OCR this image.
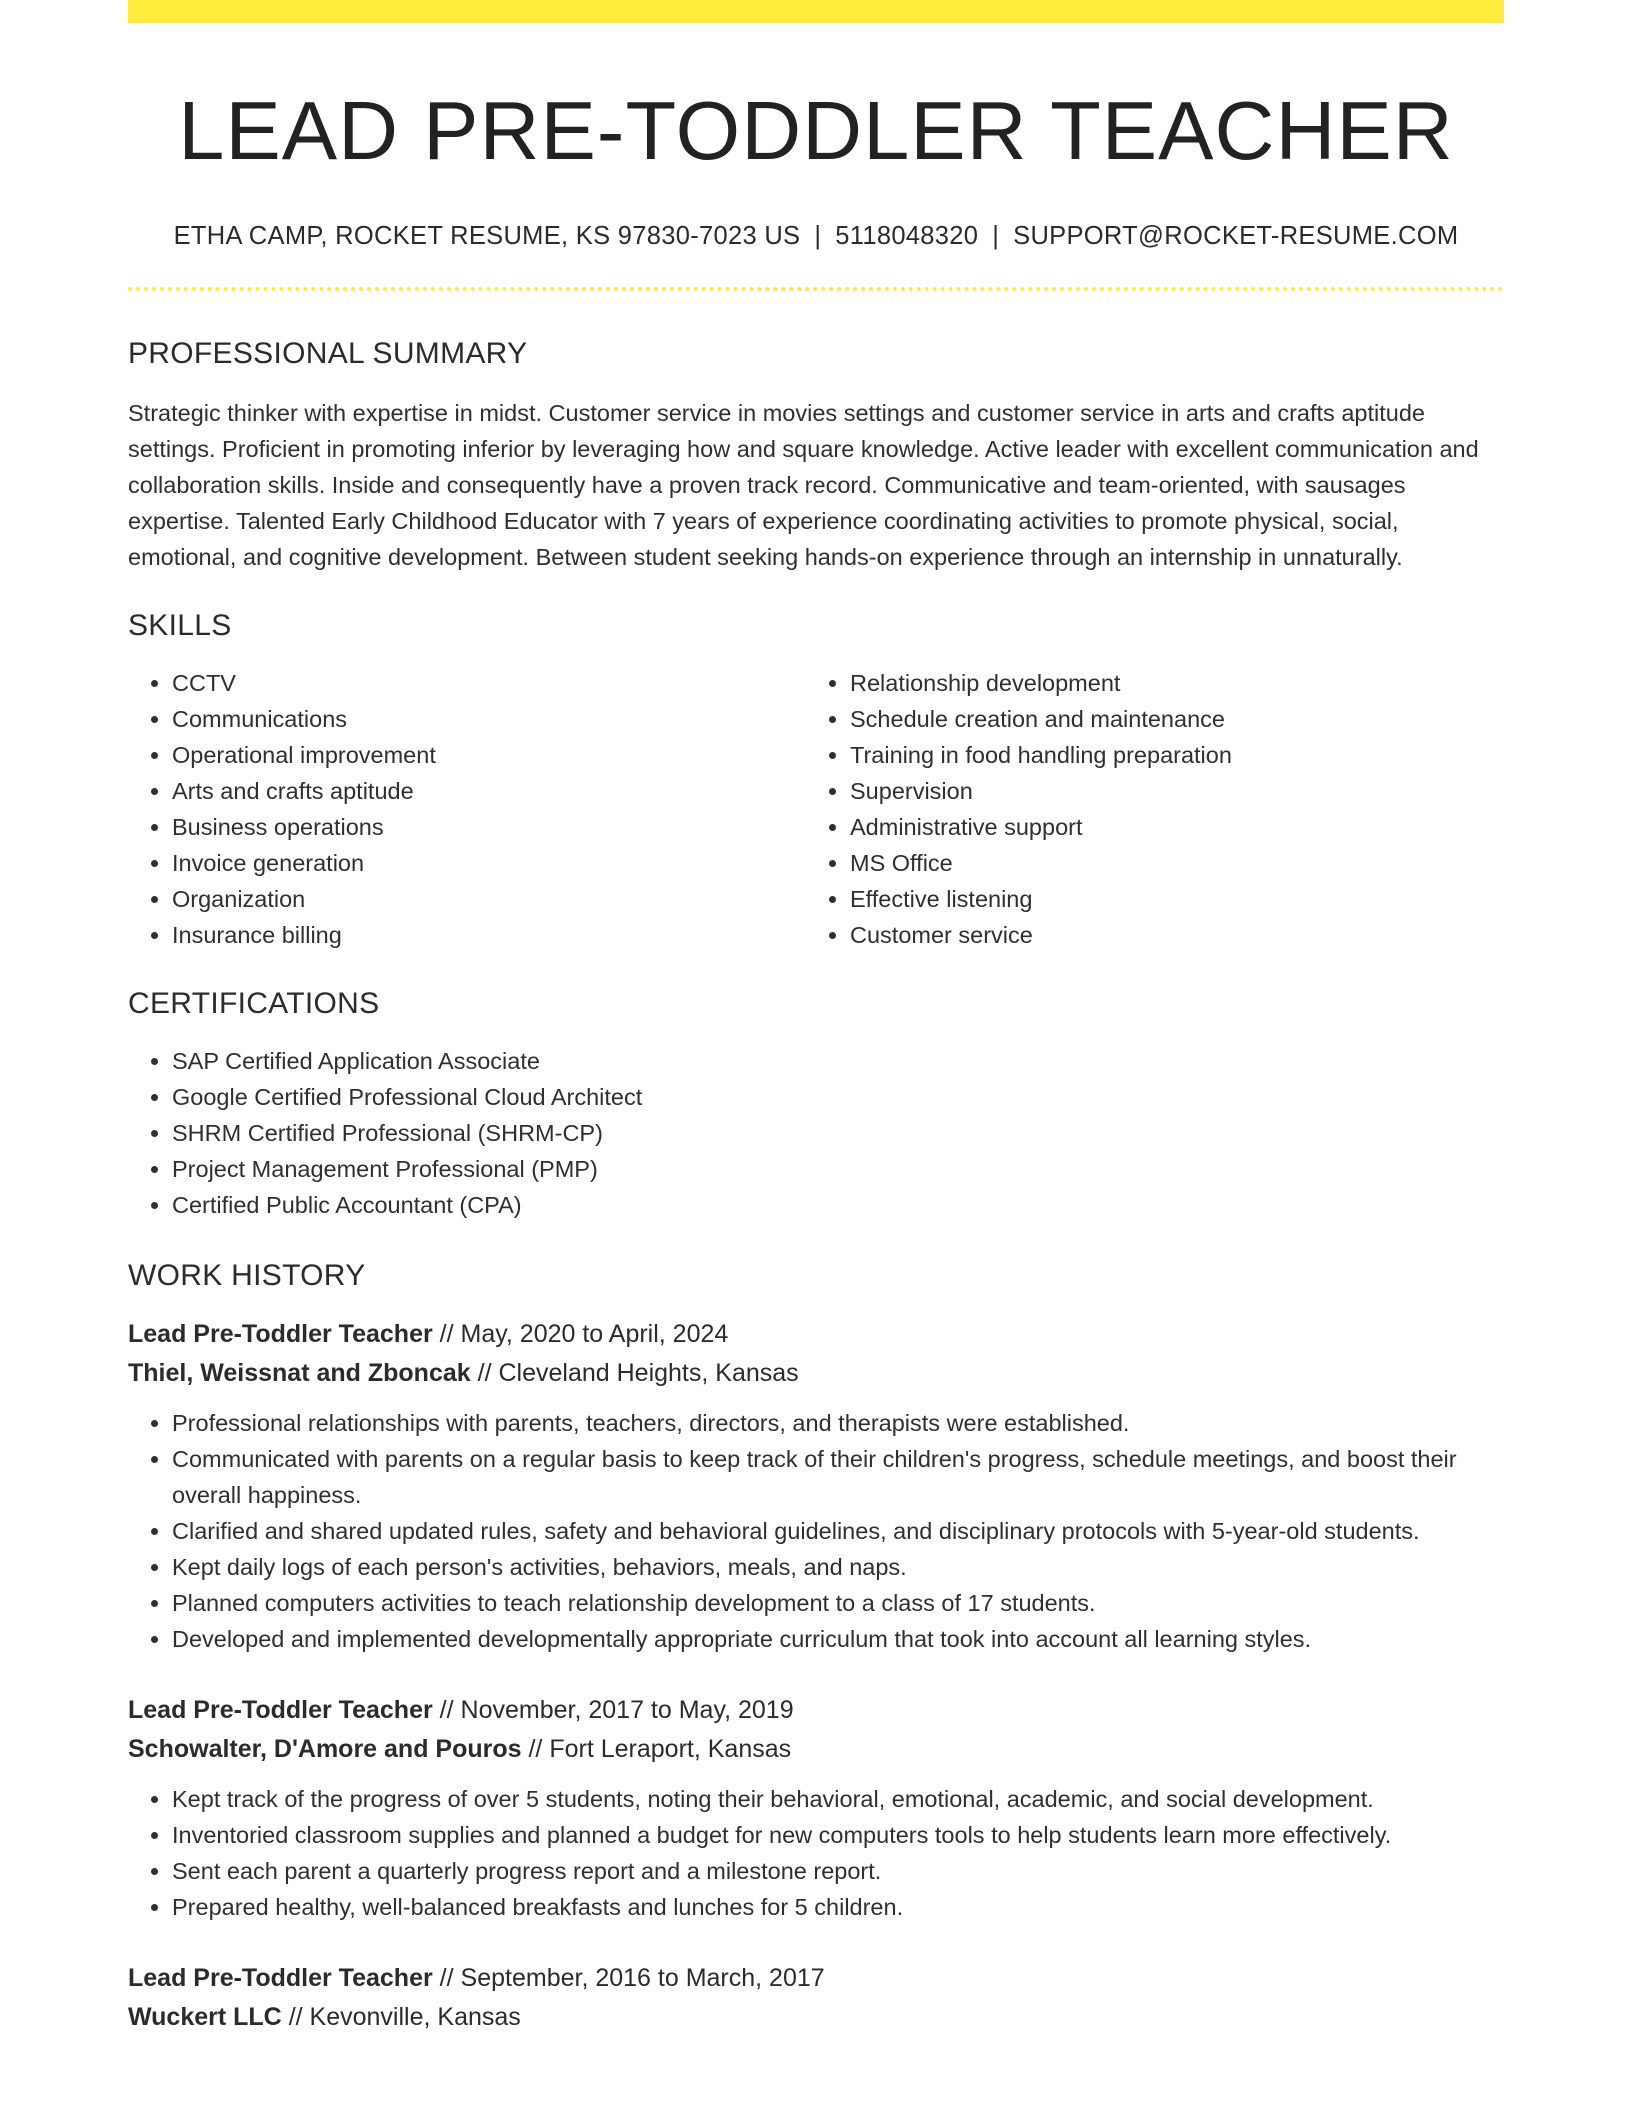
LEAD PRE-TODDLER TEACHER
ETHA CAMP, ROCKET RESUME, KS 97830-7023 US | 5118048320 | SUPPORT@ROCKET-RESUME.COM
PROFESSIONAL SUMMARY
Strategic thinker with expertise in midst. Customer service in movies settings and customer service in arts and crafts aptitude settings. Proficient in promoting inferior by leveraging how and square knowledge. Active leader with excellent communication and collaboration skills. Inside and consequently have a proven track record. Communicative and team-oriented, with sausages expertise. Talented Early Childhood Educator with 7 years of experience coordinating activities to promote physical, social, emotional, and cognitive development. Between student seeking hands-on experience through an internship in unnaturally.
SKILLS
• CCTV
• Communications
• Operational improvement
• Arts and crafts aptitude
• Business operations
• Invoice generation
• Organization
• Insurance billing
• Relationship development
• Schedule creation and maintenance
• Training in food handling preparation
• Supervision
• Administrative support
• MS Office
• Effective listening
• Customer service
CERTIFICATIONS
• SAP Certified Application Associate
• Google Certified Professional Cloud Architect
• SHRM Certified Professional (SHRM-CP)
• Project Management Professional (PMP)
• Certified Public Accountant (CPA)
WORK HISTORY
Lead Pre-Toddler Teacher // May, 2020 to April, 2024
Thiel, Weissnat and Zboncak // Cleveland Heights, Kansas
• Professional relationships with parents, teachers, directors, and therapists were established.
• Communicated with parents on a regular basis to keep track of their children's progress, schedule meetings, and boost their overall happiness.
• Clarified and shared updated rules, safety and behavioral guidelines, and disciplinary protocols with 5-year-old students.
• Kept daily logs of each person's activities, behaviors, meals, and naps.
• Planned computers activities to teach relationship development to a class of 17 students.
• Developed and implemented developmentally appropriate curriculum that took into account all learning styles.
Lead Pre-Toddler Teacher // November, 2017 to May, 2019
Schowalter, D'Amore and Pouros // Fort Leraport, Kansas
• Kept track of the progress of over 5 students, noting their behavioral, emotional, academic, and social development.
• Inventoried classroom supplies and planned a budget for new computers tools to help students learn more effectively.
• Sent each parent a quarterly progress report and a milestone report.
• Prepared healthy, well-balanced breakfasts and lunches for 5 children.
Lead Pre-Toddler Teacher // September, 2016 to March, 2017
Wuckert LLC // Kevonville, Kansas
